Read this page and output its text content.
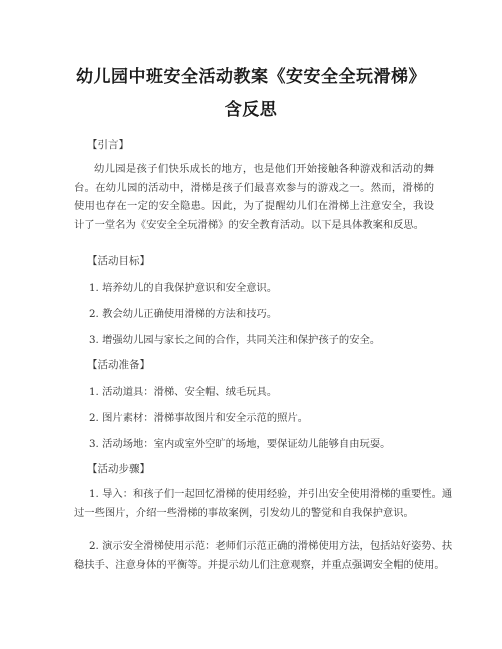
幼儿园中班安全活动教案《安安全全玩滑梯》
含反思
【引言】
幼儿园是孩子们快乐成长的地方，也是他们开始接触各种游戏和活动的舞台。在幼儿园的活动中，滑梯是孩子们最喜欢参与的游戏之一。然而，滑梯的使用也存在一定的安全隐患。因此，为了提醒幼儿们在滑梯上注意安全，我设计了一堂名为《安安全全玩滑梯》的安全教育活动。以下是具体教案和反思。
【活动目标】
1. 培养幼儿的自我保护意识和安全意识。
2. 教会幼儿正确使用滑梯的方法和技巧。
3. 增强幼儿园与家长之间的合作，共同关注和保护孩子的安全。
【活动准备】
1. 活动道具：滑梯、安全帽、绒毛玩具。
2. 图片素材：滑梯事故图片和安全示范的照片。
3. 活动场地：室内或室外空旷的场地，要保证幼儿能够自由玩耍。
【活动步骤】
1. 导入：和孩子们一起回忆滑梯的使用经验，并引出安全使用滑梯的重要性。通过一些图片，介绍一些滑梯的事故案例，引发幼儿的警觉和自我保护意识。
2. 演示安全滑梯使用示范：老师们示范正确的滑梯使用方法，包括站好姿势、扶稳扶手、注意身体的平衡等。并提示幼儿们注意观察，并重点强调安全帽的使用。
